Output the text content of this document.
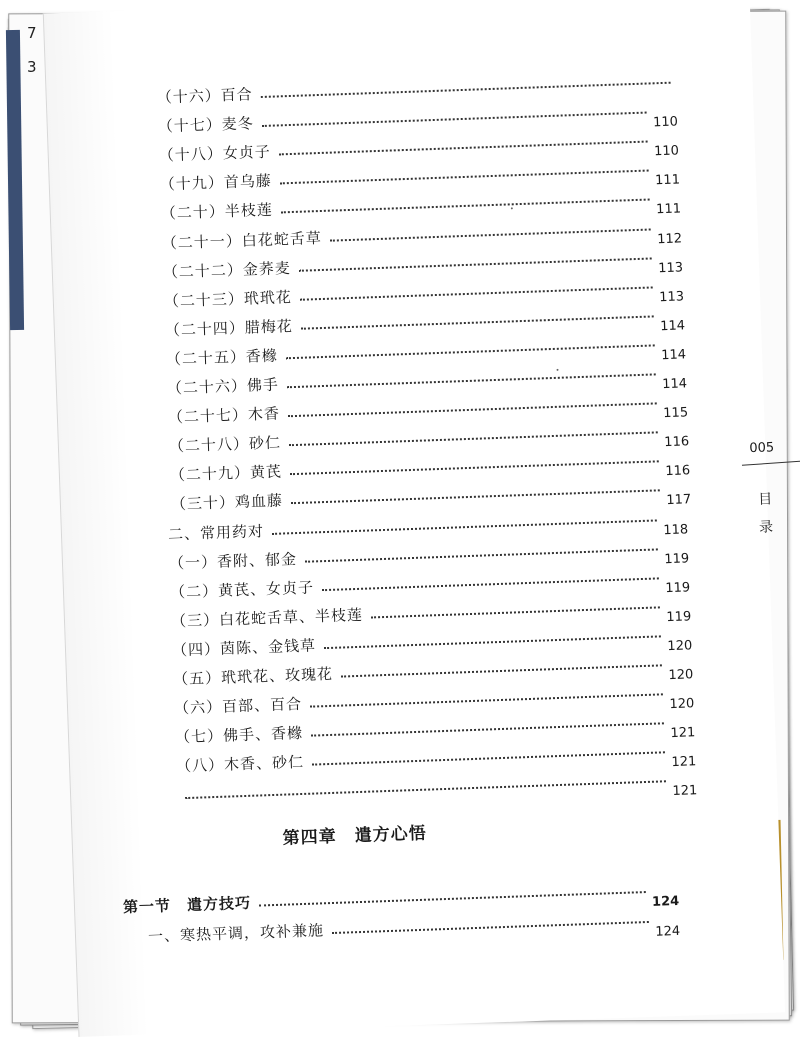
7
3
（十六）百合
（十七）麦冬	110
（十八）女贞子	110
（十九）首乌藤	111
（二十）半枝莲	111
（二十一）白花蛇舌草	112
（二十二）金荞麦	113
（二十三）玳玳花	113
（二十四）腊梅花	114
（二十五）香橼	114
（二十六）佛手	114
（二十七）木香	115
（二十八）砂仁	116
（二十九）黄芪	116
（三十）鸡血藤	117
二、常用药对	118
（一）香附、郁金	119
（二）黄芪、女贞子	119
（三）白花蛇舌草、半枝莲	119
（四）茵陈、金钱草	120
（五）玳玳花、玫瑰花	120
（六）百部、百合	120
（七）佛手、香橼	121
（八）木香、砂仁	121
121
第一节　遣方技巧	124
一、寒热平调，攻补兼施	124
第四章　遣方心悟
005
目
录
